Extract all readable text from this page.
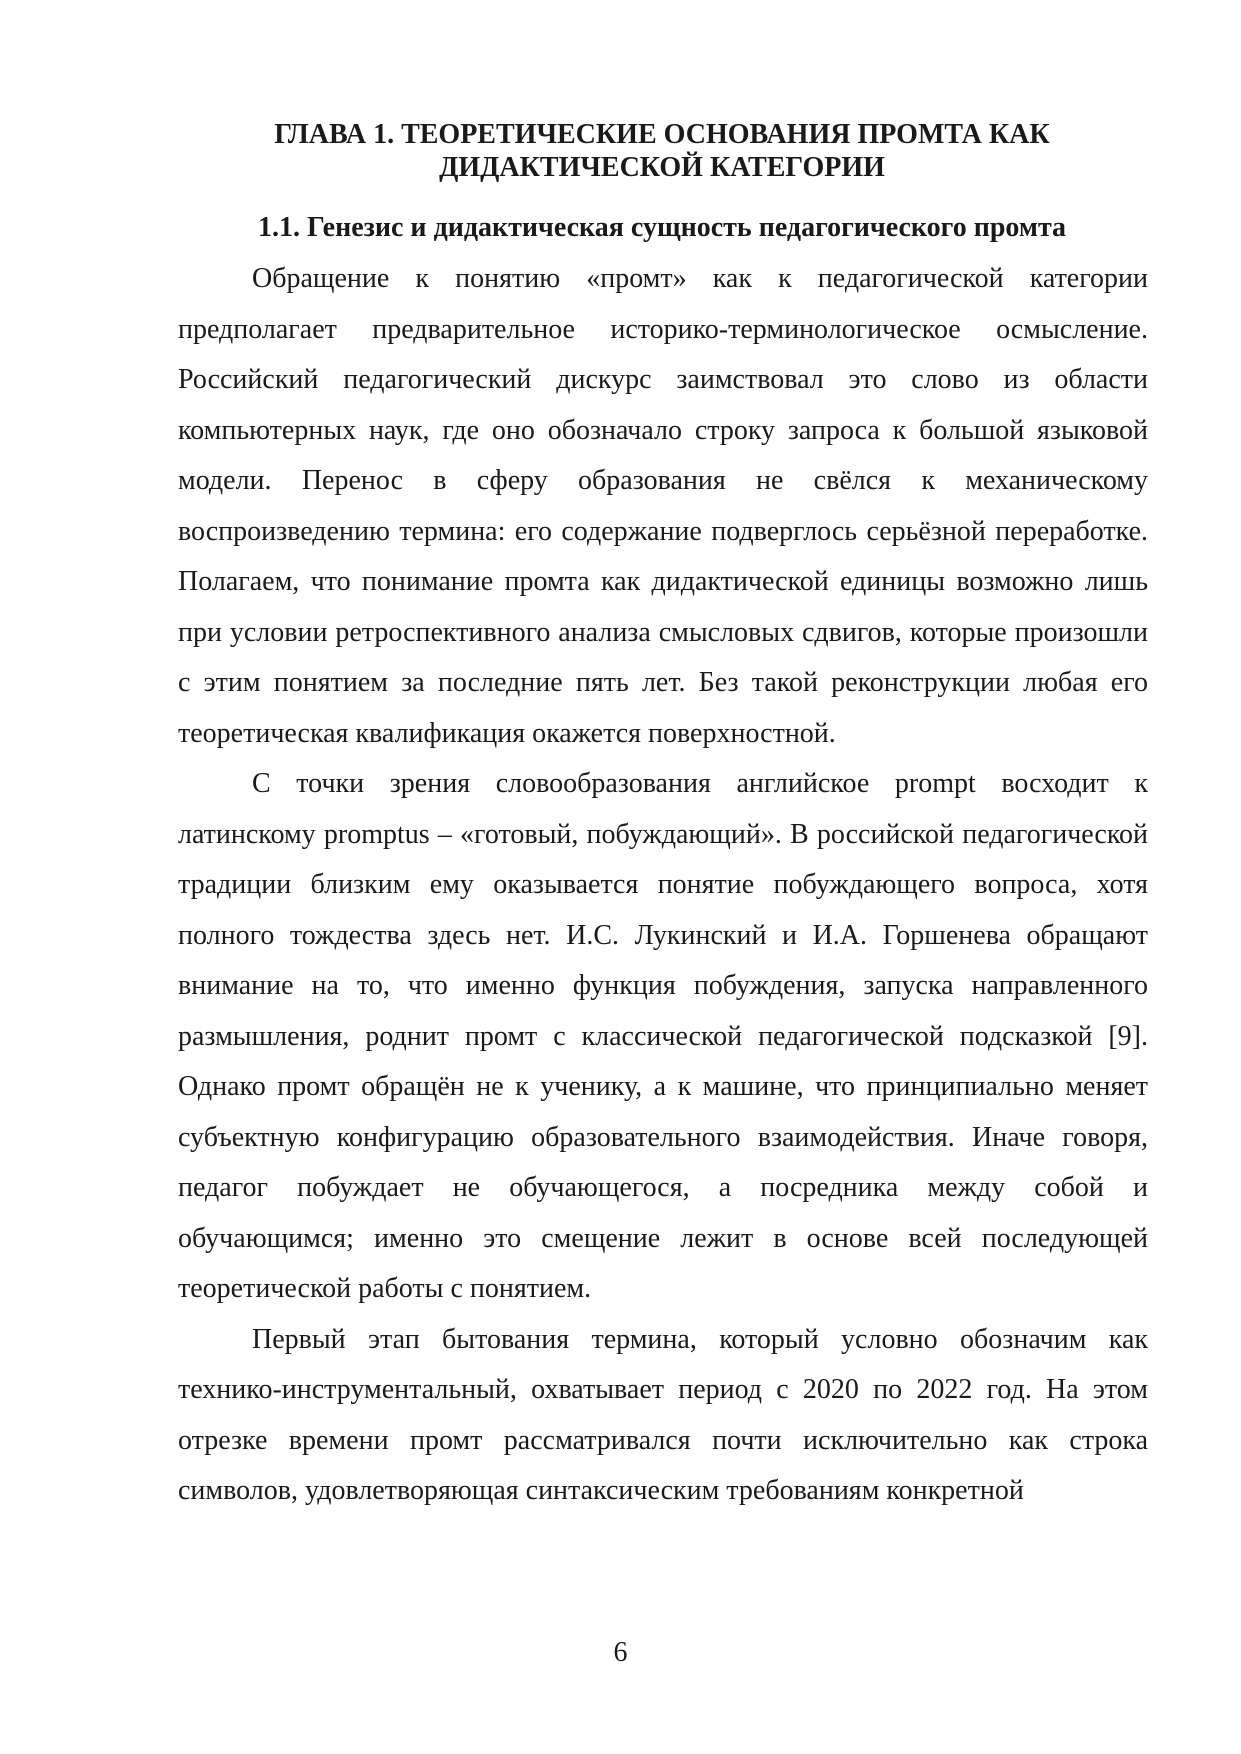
ГЛАВА 1. ТЕОРЕТИЧЕСКИЕ ОСНОВАНИЯ ПРОМТА КАК
ДИДАКТИЧЕСКОЙ КАТЕГОРИИ
1.1. Генезис и дидактическая сущность педагогического промта

Обращение к понятию «промт» как к педагогической категории предполагает предварительное историко-терминологическое осмысление. Российский педагогический дискурс заимствовал это слово из области компьютерных наук, где оно обозначало строку запроса к большой языковой модели. Перенос в сферу образования не свёлся к механическому воспроизведению термина: его содержание подверглось серьёзной переработке. Полагаем, что понимание промта как дидактической единицы возможно лишь при условии ретроспективного анализа смысловых сдвигов, которые произошли с этим понятием за последние пять лет. Без такой реконструкции любая его теоретическая квалификация окажется поверхностной.

С точки зрения словообразования английское prompt восходит к латинскому promptus – «готовый, побуждающий». В российской педагогической традиции близким ему оказывается понятие побуждающего вопроса, хотя полного тождества здесь нет. И.С. Лукинский и И.А. Горшенева обращают внимание на то, что именно функция побуждения, запуска направленного размышления, роднит промт с классической педагогической подсказкой [9]. Однако промт обращён не к ученику, а к машине, что принципиально меняет субъектную конфигурацию образовательного взаимодействия. Иначе говоря, педагог побуждает не обучающегося, а посредника между собой и обучающимся; именно это смещение лежит в основе всей последующей теоретической работы с понятием.

Первый этап бытования термина, который условно обозначим как технико-инструментальный, охватывает период с 2020 по 2022 год. На этом отрезке времени промт рассматривался почти исключительно как строка символов, удовлетворяющая синтаксическим требованиям конкретной

6
